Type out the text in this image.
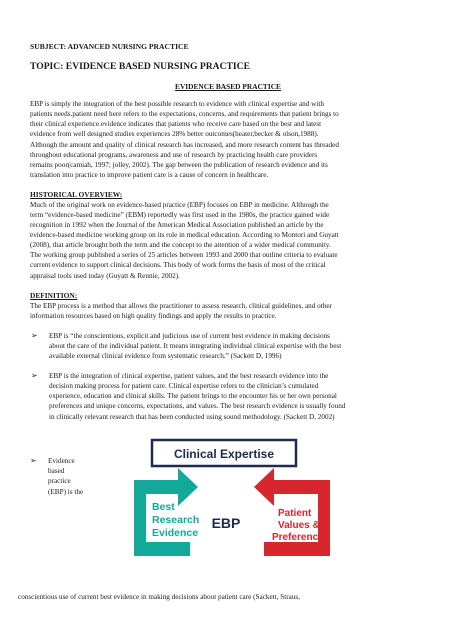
SUBJECT: ADVANCED NURSING PRACTICE

TOPIC: EVIDENCE BASED NURSING PRACTICE

EVIDENCE BASED PRACTICE

EBP is simply the integration of the best possible research to evidence with clinical expertise and with

patients needs.patient need here refers to the expectations, concerns, and requirements that patient brings to

their clinical experience.evidence indicates that patients who receive care based on the best and latest

evidence from well designed studies experiences 28% better outcomes(heater,becker & olson,1988).

Although the amount and quality of clinical research has increased, and more research content has threaded

throughout educational programs, awareness and use of research by practicing health care providers

remains poor(camiah, 1997; jolley, 2002). The gap between the publication of research evidence and its

translation into practice to improve patient care is a cause of concern in healthcare.

HISTORICAL OVERVIEW:

Much of the original work on evidence-based practice (EBP) focuses on EBP in medicine. Although the

term “evidence-based medicine” (EBM) reportedly was first used in the 1980s, the practice gained wide

recognition in 1992 when the Journal of the American Medical Association published an article by the

evidence-based medicine working group on its role in medical education. According to Montori and Guyatt

(2008), that article brought both the term and the concept to the attention of a wider medical community.

The working group published a series of 25 articles between 1993 and 2000 that outline criteria to evaluate

current evidence to support clinical decisions. This body of work forms the basis of most of the critical

appraisal tools used today (Guyatt & Rennie, 2002).

DEFINITION:

The EBP process is a method that allows the practitioner to assess research, clinical guidelines, and other

information resources based on high quality findings and apply the results to practice.

➢	EBP is “the conscientious, explicit and judicious use of current best evidence in making decisions
about the care of the individual patient. It means integrating individual clinical expertise with the best
available external clinical evidence from systematic research.” (Sackett D, 1996)
➢	EBP is the integration of clinical expertise, patient values, and the best research evidence into the
decision making process for patient care. Clinical expertise refers to the clinician’s cumulated
experience, education and clinical skills. The patient brings to the encounter his or her own personal
preferences and unique concerns, expectations, and values. The best research evidence is usually found
in clinically relevant research that has been conducted using sound methodology. (Sackett D, 2002)
➢	Evidence
based
practice
(EBP) is the
Clinical Expertise
Best
Research
Evidence
Patient
Values &
Preferences
EBP
conscientious use of current best evidence in making decisions about patient care (Sackett, Straus,
